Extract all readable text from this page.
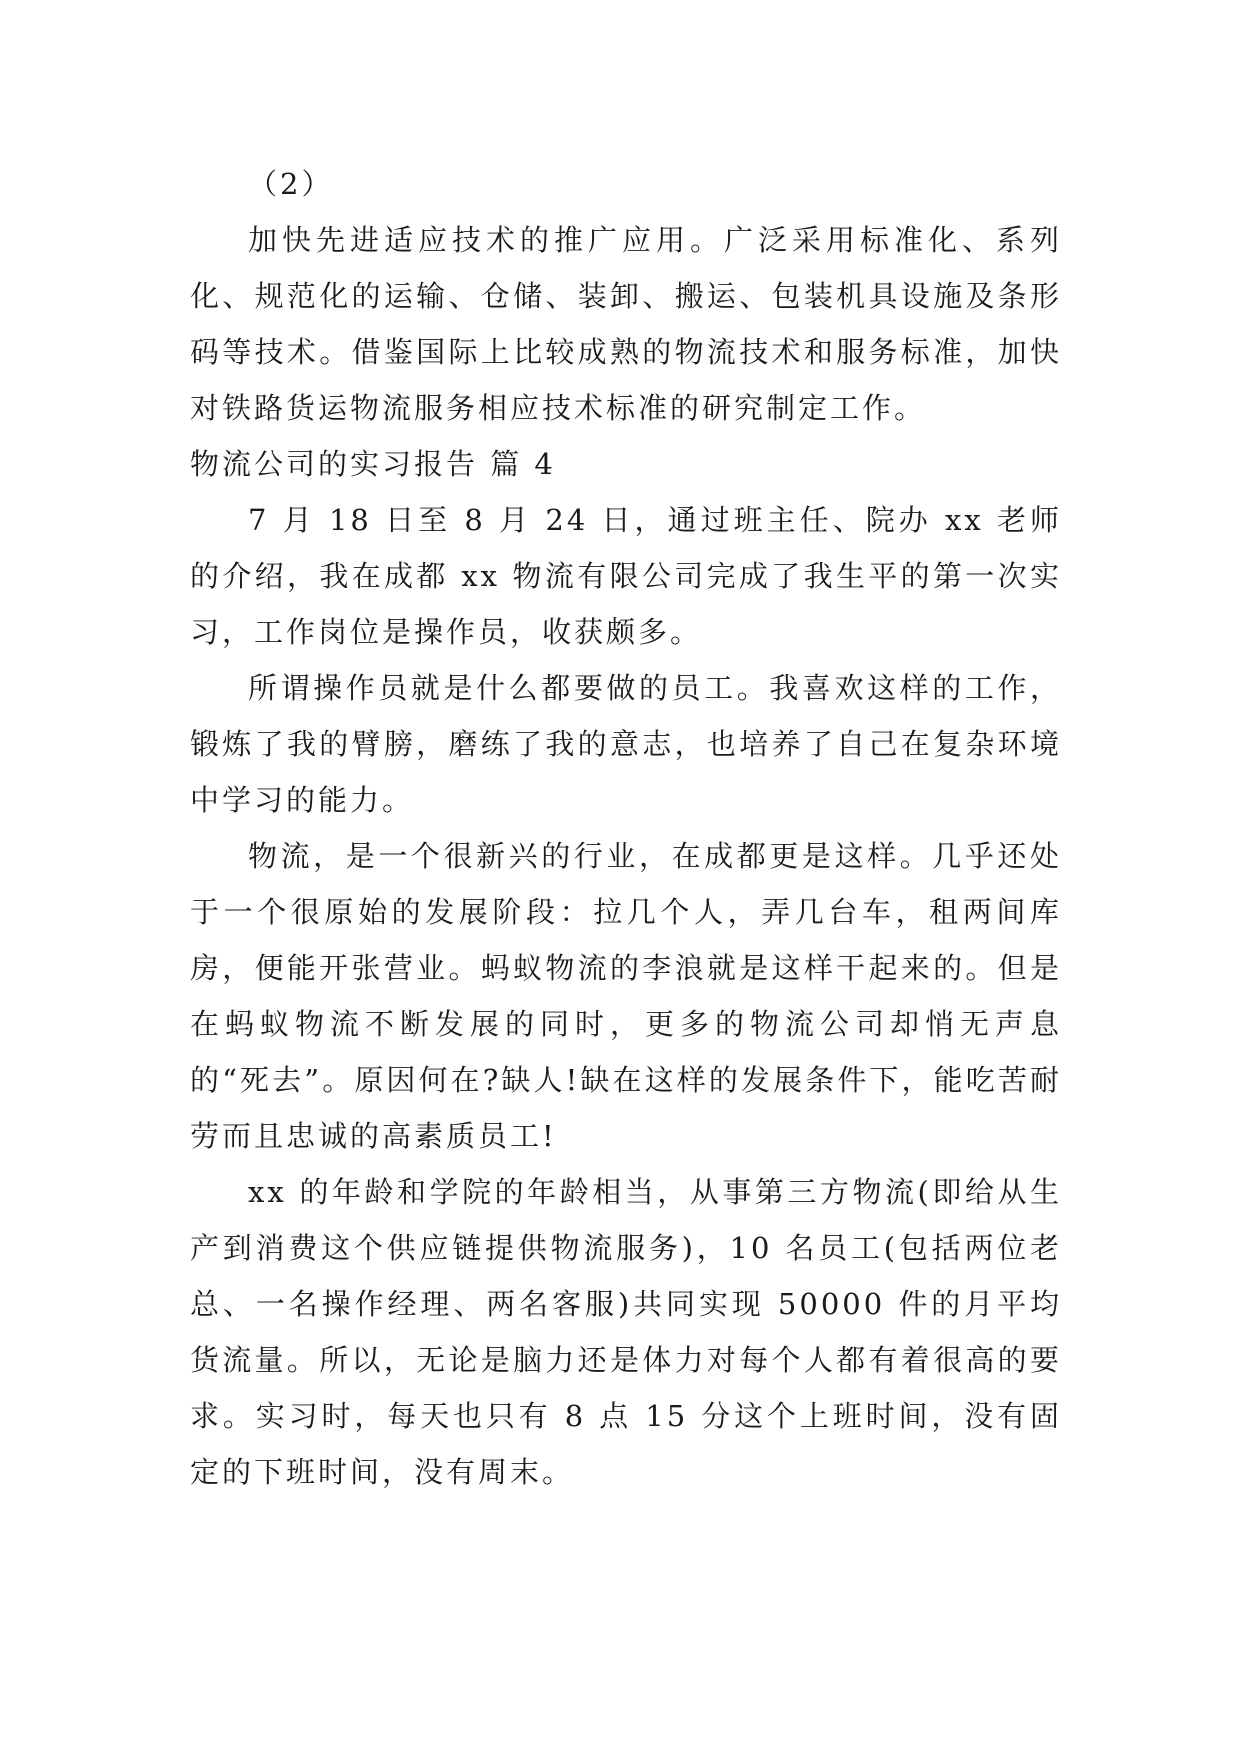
（2）

加快先进适应技术的推广应用。广泛采用标准化、系列化、规范化的运输、仓储、装卸、搬运、包装机具设施及条形码等技术。借鉴国际上比较成熟的物流技术和服务标准，加快对铁路货运物流服务相应技术标准的研究制定工作。

物流公司的实习报告 篇 4

7 月 18 日至 8 月 24 日，通过班主任、院办 xx 老师的介绍，我在成都 xx 物流有限公司完成了我生平的第一次实习，工作岗位是操作员，收获颇多。

所谓操作员就是什么都要做的员工。我喜欢这样的工作，锻炼了我的臂膀，磨练了我的意志，也培养了自己在复杂环境中学习的能力。

物流，是一个很新兴的行业，在成都更是这样。几乎还处于一个很原始的发展阶段：拉几个人，弄几台车，租两间库房，便能开张营业。蚂蚁物流的李浪就是这样干起来的。但是在蚂蚁物流不断发展的同时，更多的物流公司却悄无声息的“死去”。原因何在?缺人!缺在这样的发展条件下，能吃苦耐劳而且忠诚的高素质员工!

xx 的年龄和学院的年龄相当，从事第三方物流(即给从生产到消费这个供应链提供物流服务)，10 名员工(包括两位老总、一名操作经理、两名客服)共同实现 50000 件的月平均货流量。所以，无论是脑力还是体力对每个人都有着很高的要求。实习时，每天也只有 8 点 15 分这个上班时间，没有固定的下班时间，没有周末。
